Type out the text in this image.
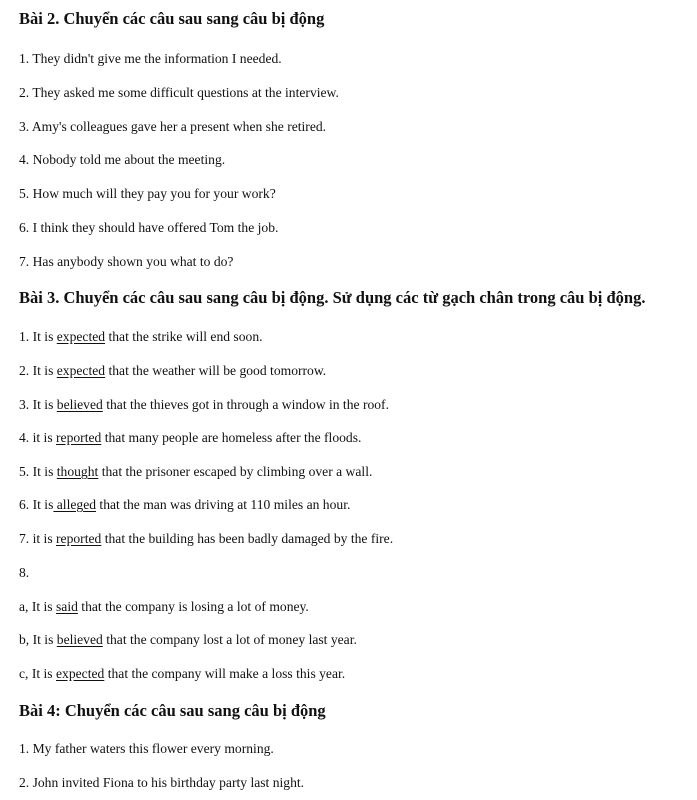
Bài 2. Chuyển các câu sau sang câu bị động
1. They didn't give me the information I needed.
2. They asked me some difficult questions at the interview.
3. Amy's colleagues gave her a present when she retired.
4. Nobody told me about the meeting.
5. How much will they pay you for your work?
6. I think they should have offered Tom the job.
7. Has anybody shown you what to do?
Bài 3. Chuyển các câu sau sang câu bị động. Sử dụng các từ gạch chân trong câu bị động.
1. It is expected that the strike will end soon.
2. It is expected that the weather will be good tomorrow.
3. It is believed that the thieves got in through a window in the roof.
4. it is reported that many people are homeless after the floods.
5. It is thought that the prisoner escaped by climbing over a wall.
6. It is alleged that the man was driving at 110 miles an hour.
7. it is reported that the building has been badly damaged by the fire.
8.
a, It is said that the company is losing a lot of money.
b, It is believed that the company lost a lot of money last year.
c, It is expected that the company will make a loss this year.
Bài 4: Chuyển các câu sau sang câu bị động
1. My father waters this flower every morning.
2. John invited Fiona to his birthday party last night.
